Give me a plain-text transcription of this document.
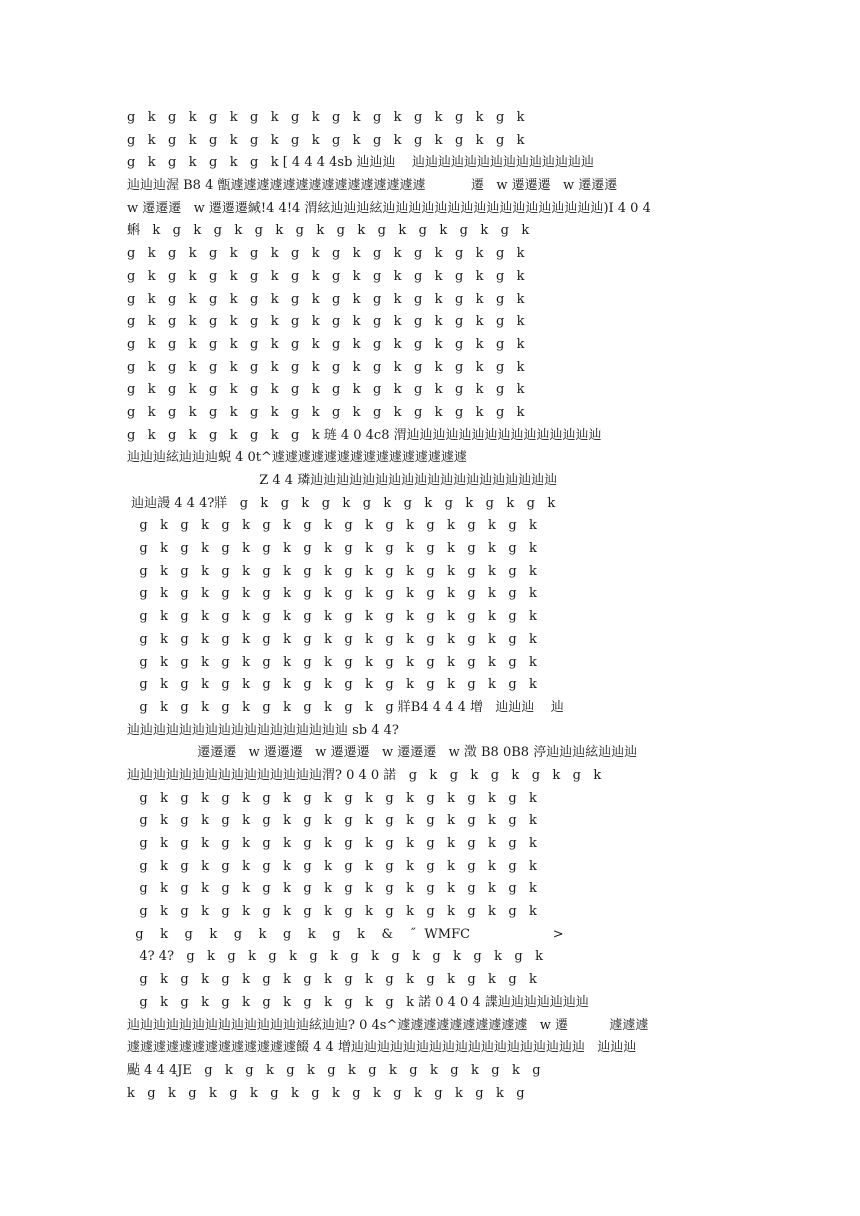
g   k   g   k   g   k   g   k   g   k   g   k   g   k   g   k   g   k   g   k
g   k   g   k   g   k   g   k   g   k   g   k   g   k   g   k   g   k   g   k
g   k   g   k   g   k   g   k [ 4 4 4 4sb 辿辿辿    辿辿辿辿辿辿辿辿辿辿辿辿辿辿
辿辿辿渥 B8 4 甑遽遽遽遽遽遽遽遽遽遽遽遽遽遽遽           遷   w 遷遷遷   w 遷遷遷
w 遷遷遷   w 遷遷遷緘!4 4!4 渭絃辿辿辿絃辿辿辿辿辿辿辿辿辿辿辿辿辿辿辿辿辿)I 4 0 4
蝌   k   g   k   g   k   g   k   g   k   g   k   g   k   g   k   g   k   g   k
g   k   g   k   g   k   g   k   g   k   g   k   g   k   g   k   g   k   g   k
g   k   g   k   g   k   g   k   g   k   g   k   g   k   g   k   g   k   g   k
g   k   g   k   g   k   g   k   g   k   g   k   g   k   g   k   g   k   g   k
g   k   g   k   g   k   g   k   g   k   g   k   g   k   g   k   g   k   g   k
g   k   g   k   g   k   g   k   g   k   g   k   g   k   g   k   g   k   g   k
g   k   g   k   g   k   g   k   g   k   g   k   g   k   g   k   g   k   g   k
g   k   g   k   g   k   g   k   g   k   g   k   g   k   g   k   g   k   g   k
g   k   g   k   g   k   g   k   g   k   g   k   g   k   g   k   g   k   g   k
g   k   g   k   g   k   g   k   g   k 琏 4 0 4c8 渭辿辿辿辿辿辿辿辿辿辿辿辿辿辿辿
辿辿辿絃辿辿辿蜺 4 0t^遽遽遽遽遽遽遽遽遽遽遽遽遽遽遽
Z 4 4 璘辿辿辿辿辿辿辿辿辿辿辿辿辿辿辿辿辿辿辿
辿辿謾 4 4 4?牂   g   k   g   k   g   k   g   k   g   k   g   k   g   k   g   k
g   k   g   k   g   k   g   k   g   k   g   k   g   k   g   k   g   k   g   k
g   k   g   k   g   k   g   k   g   k   g   k   g   k   g   k   g   k   g   k
g   k   g   k   g   k   g   k   g   k   g   k   g   k   g   k   g   k   g   k
g   k   g   k   g   k   g   k   g   k   g   k   g   k   g   k   g   k   g   k
g   k   g   k   g   k   g   k   g   k   g   k   g   k   g   k   g   k   g   k
g   k   g   k   g   k   g   k   g   k   g   k   g   k   g   k   g   k   g   k
g   k   g   k   g   k   g   k   g   k   g   k   g   k   g   k   g   k   g   k
g   k   g   k   g   k   g   k   g   k   g   k   g   k   g   k   g   k   g   k
g   k   g   k   g   k   g   k   g   k   g   k   g 牂B4 4 4 4 增   辿辿辿    辿
辿辿辿辿辿辿辿辿辿辿辿辿辿辿辿辿辿 sb 4 4?
遷遷遷   w 遷遷遷   w 遷遷遷   w 遷遷遷   w 澂 B8 0B8 渟辿辿辿絃辿辿辿
辿辿辿辿辿辿辿辿辿辿辿辿辿辿辿渭? 0 4 0 諾   g   k   g   k   g   k   g   k   g   k
g   k   g   k   g   k   g   k   g   k   g   k   g   k   g   k   g   k   g   k
g   k   g   k   g   k   g   k   g   k   g   k   g   k   g   k   g   k   g   k
g   k   g   k   g   k   g   k   g   k   g   k   g   k   g   k   g   k   g   k
g   k   g   k   g   k   g   k   g   k   g   k   g   k   g   k   g   k   g   k
g   k   g   k   g   k   g   k   g   k   g   k   g   k   g   k   g   k   g   k
g   k   g   k   g   k   g   k   g   k   g   k   g   k   g   k   g   k   g   k
g    k    g    k    g    k    g    k    g    k    &    ˝  WMFC                    >
4? 4?   g   k   g   k   g   k   g   k   g   k   g   k   g   k   g   k   g   k
g   k   g   k   g   k   g   k   g   k   g   k   g   k   g   k   g   k   g   k
g   k   g   k   g   k   g   k   g   k   g   k   g   k 諾 0 4 0 4 諜辿辿辿辿辿辿辿
辿辿辿辿辿辿辿辿辿辿辿辿辿辿絃辿辿? 0 4s^遽遽遽遽遽遽遽遽遽遽   w 遷          遽遽遽
遽遽遽遽遽遽遽遽遽遽遽遽遽餟 4 4 增辿辿辿辿辿辿辿辿辿辿辿辿辿辿辿辿辿辿   辿辿辿
颭 4 4 4JE   g   k   g   k   g   k   g   k   g   k   g   k   g   k   g   k   g
k   g   k   g   k   g   k   g   k   g   k   g   k   g   k   g   k   g   k   g
